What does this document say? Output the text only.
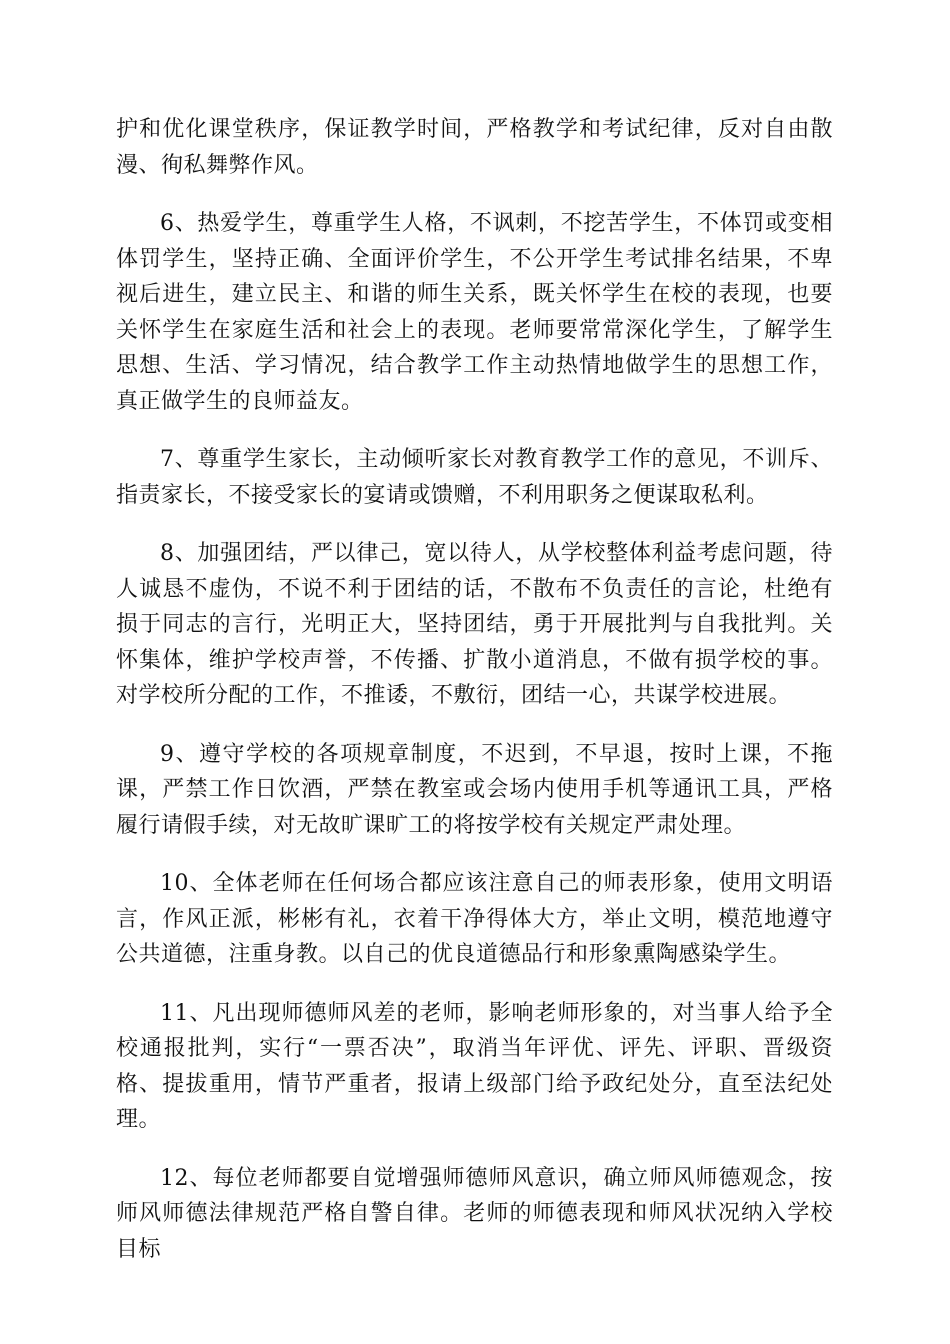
护和优化课堂秩序，保证教学时间，严格教学和考试纪律，反对自由散漫、徇私舞弊作风。

6、热爱学生，尊重学生人格，不讽刺，不挖苦学生，不体罚或变相体罚学生，坚持正确、全面评价学生，不公开学生考试排名结果，不卑视后进生，建立民主、和谐的师生关系，既关怀学生在校的表现，也要关怀学生在家庭生活和社会上的表现。老师要常常深化学生，了解学生思想、生活、学习情况，结合教学工作主动热情地做学生的思想工作，真正做学生的良师益友。

7、尊重学生家长，主动倾听家长对教育教学工作的意见，不训斥、指责家长，不接受家长的宴请或馈赠，不利用职务之便谋取私利。

8、加强团结，严以律己，宽以待人，从学校整体利益考虑问题，待人诚恳不虚伪，不说不利于团结的话，不散布不负责任的言论，杜绝有损于同志的言行，光明正大，坚持团结，勇于开展批判与自我批判。关怀集体，维护学校声誉，不传播、扩散小道消息，不做有损学校的事。对学校所分配的工作，不推诿，不敷衍，团结一心，共谋学校进展。

9、遵守学校的各项规章制度，不迟到，不早退，按时上课，不拖课，严禁工作日饮酒，严禁在教室或会场内使用手机等通讯工具，严格履行请假手续，对无故旷课旷工的将按学校有关规定严肃处理。

10、全体老师在任何场合都应该注意自己的师表形象，使用文明语言，作风正派，彬彬有礼，衣着干净得体大方，举止文明，模范地遵守公共道德，注重身教。以自己的优良道德品行和形象熏陶感染学生。

11、凡出现师德师风差的老师，影响老师形象的，对当事人给予全校通报批判，实行“一票否决”，取消当年评优、评先、评职、晋级资格、提拔重用，情节严重者，报请上级部门给予政纪处分，直至法纪处理。

12、每位老师都要自觉增强师德师风意识，确立师风师德观念，按师风师德法律规范严格自警自律。老师的师德表现和师风状况纳入学校目标
